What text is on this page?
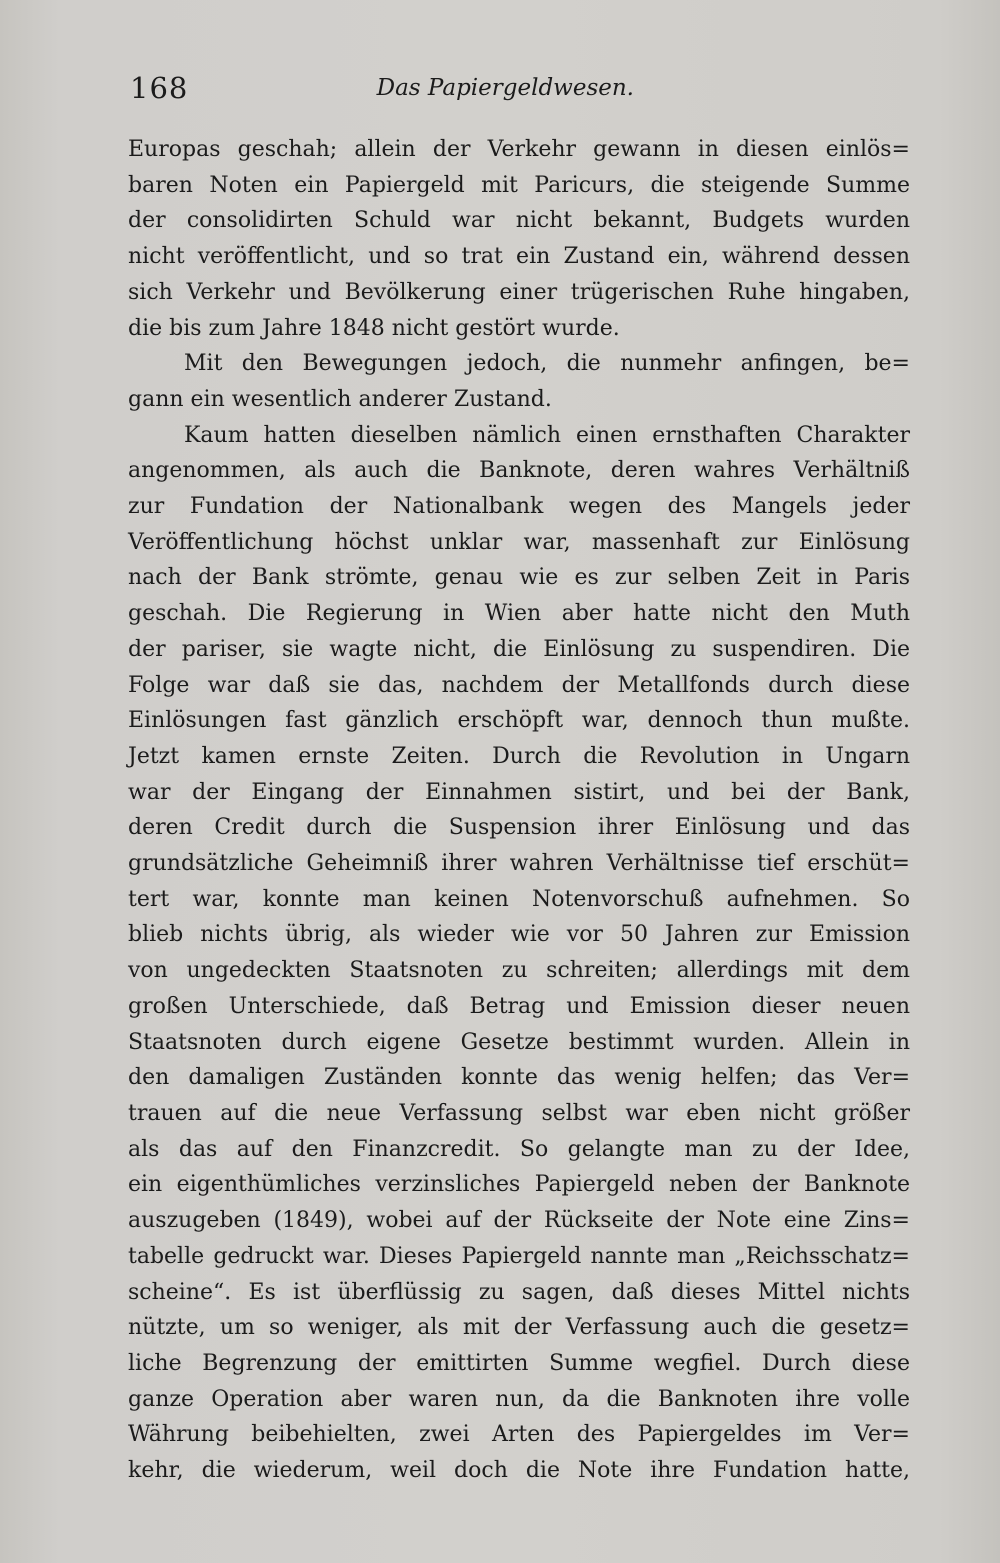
168	Das Papiergeldwesen.
Europas geschah; allein der Verkehr gewann in diesen einlös=
baren Noten ein Papiergeld mit Paricurs, die steigende Summe
der consolidirten Schuld war nicht bekannt, Budgets wurden
nicht veröffentlicht, und so trat ein Zustand ein, während dessen
sich Verkehr und Bevölkerung einer trügerischen Ruhe hingaben,
die bis zum Jahre 1848 nicht gestört wurde.
Mit den Bewegungen jedoch, die nunmehr anfingen, be=
gann ein wesentlich anderer Zustand.
Kaum hatten dieselben nämlich einen ernsthaften Charakter
angenommen, als auch die Banknote, deren wahres Verhältniß
zur Fundation der Nationalbank wegen des Mangels jeder
Veröffentlichung höchst unklar war, massenhaft zur Einlösung
nach der Bank strömte, genau wie es zur selben Zeit in Paris
geschah. Die Regierung in Wien aber hatte nicht den Muth
der pariser, sie wagte nicht, die Einlösung zu suspendiren. Die
Folge war daß sie das, nachdem der Metallfonds durch diese
Einlösungen fast gänzlich erschöpft war, dennoch thun mußte.
Jetzt kamen ernste Zeiten. Durch die Revolution in Ungarn
war der Eingang der Einnahmen sistirt, und bei der Bank,
deren Credit durch die Suspension ihrer Einlösung und das
grundsätzliche Geheimniß ihrer wahren Verhältnisse tief erschüt=
tert war, konnte man keinen Notenvorschuß aufnehmen. So
blieb nichts übrig, als wieder wie vor 50 Jahren zur Emission
von ungedeckten Staatsnoten zu schreiten; allerdings mit dem
großen Unterschiede, daß Betrag und Emission dieser neuen
Staatsnoten durch eigene Gesetze bestimmt wurden. Allein in
den damaligen Zuständen konnte das wenig helfen; das Ver=
trauen auf die neue Verfassung selbst war eben nicht größer
als das auf den Finanzcredit. So gelangte man zu der Idee,
ein eigenthümliches verzinsliches Papiergeld neben der Banknote
auszugeben (1849), wobei auf der Rückseite der Note eine Zins=
tabelle gedruckt war. Dieses Papiergeld nannte man „Reichsschatz=
scheine“. Es ist überflüssig zu sagen, daß dieses Mittel nichts
nützte, um so weniger, als mit der Verfassung auch die gesetz=
liche Begrenzung der emittirten Summe wegfiel. Durch diese
ganze Operation aber waren nun, da die Banknoten ihre volle
Währung beibehielten, zwei Arten des Papiergeldes im Ver=
kehr, die wiederum, weil doch die Note ihre Fundation hatte,
